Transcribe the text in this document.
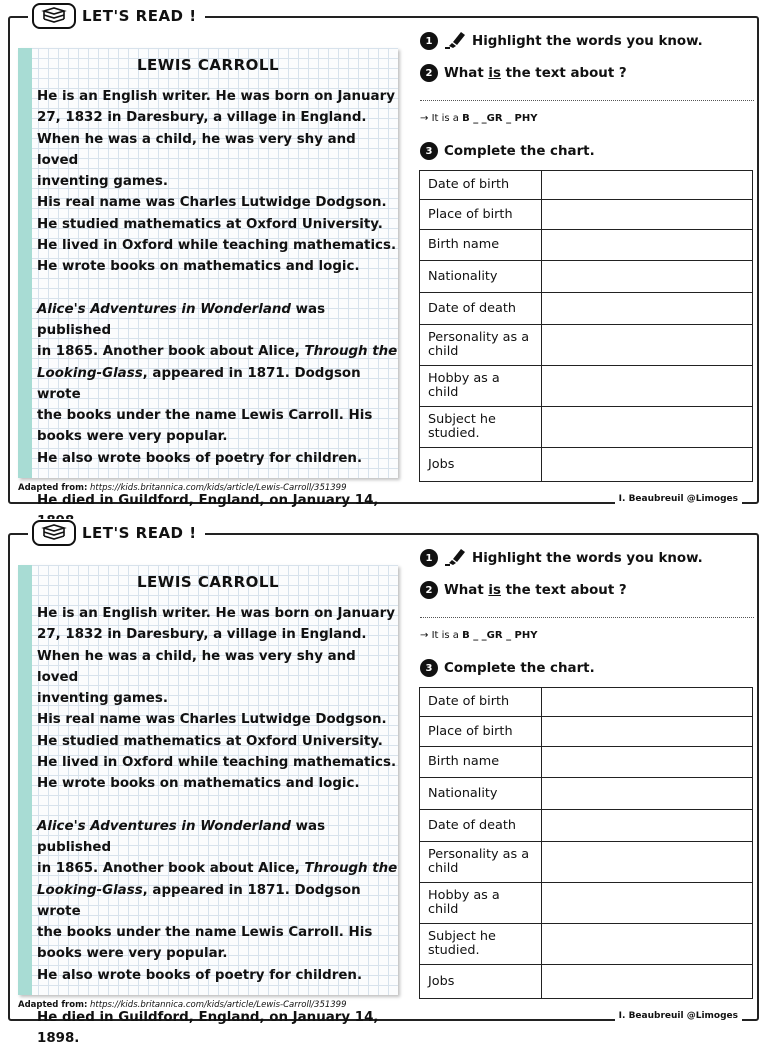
LET'S READ !
LEWIS CARROLL

He is an English writer. He was born on January

27, 1832 in Daresbury, a village in England.

When he was a child, he was very shy and loved

inventing games.

His real name was Charles Lutwidge Dodgson.

He studied mathematics at Oxford University.

He lived in Oxford while teaching mathematics.

He wrote books on mathematics and logic.

Alice's Adventures in Wonderland was published

in 1865. Another book about Alice, Through the

Looking-Glass, appeared in 1871. Dodgson wrote

the books under the name Lewis Carroll. His

books were very popular.

He also wrote books of poetry for children.

He died in Guildford, England, on January 14,

Adapted from: https://kids.britannica.com/kids/article/Lewis-Carroll/351399
I. Beaubreuil @Limoges
1	Highlight the words you know.
2 What is the text about ?
→ It is a B _ _GR _ PHY
3 Complete the chart.
Date of birth	
Place of birth	
Birth name	
Nationality	
Date of death	
Personality as a child	
Hobby as a child	
Subject he studied.	
Jobs	
LET'S READ !
LEWIS CARROLL

He is an English writer. He was born on January

27, 1832 in Daresbury, a village in England.

When he was a child, he was very shy and loved

inventing games.

His real name was Charles Lutwidge Dodgson.

He studied mathematics at Oxford University.

He lived in Oxford while teaching mathematics.

He wrote books on mathematics and logic.

Alice's Adventures in Wonderland was published

in 1865. Another book about Alice, Through the

Looking-Glass, appeared in 1871. Dodgson wrote

the books under the name Lewis Carroll. His

books were very popular.

He also wrote books of poetry for children.

He died in Guildford, England, on January 14,

1898.

Adapted from: https://kids.britannica.com/kids/article/Lewis-Carroll/351399
I. Beaubreuil @Limoges
1	Highlight the words you know.
2 What is the text about ?
→ It is a B _ _GR _ PHY
3 Complete the chart.
Date of birth	
Place of birth	
Birth name	
Nationality	
Date of death	
Personality as a child	
Hobby as a child	
Subject he studied.	
Jobs	
